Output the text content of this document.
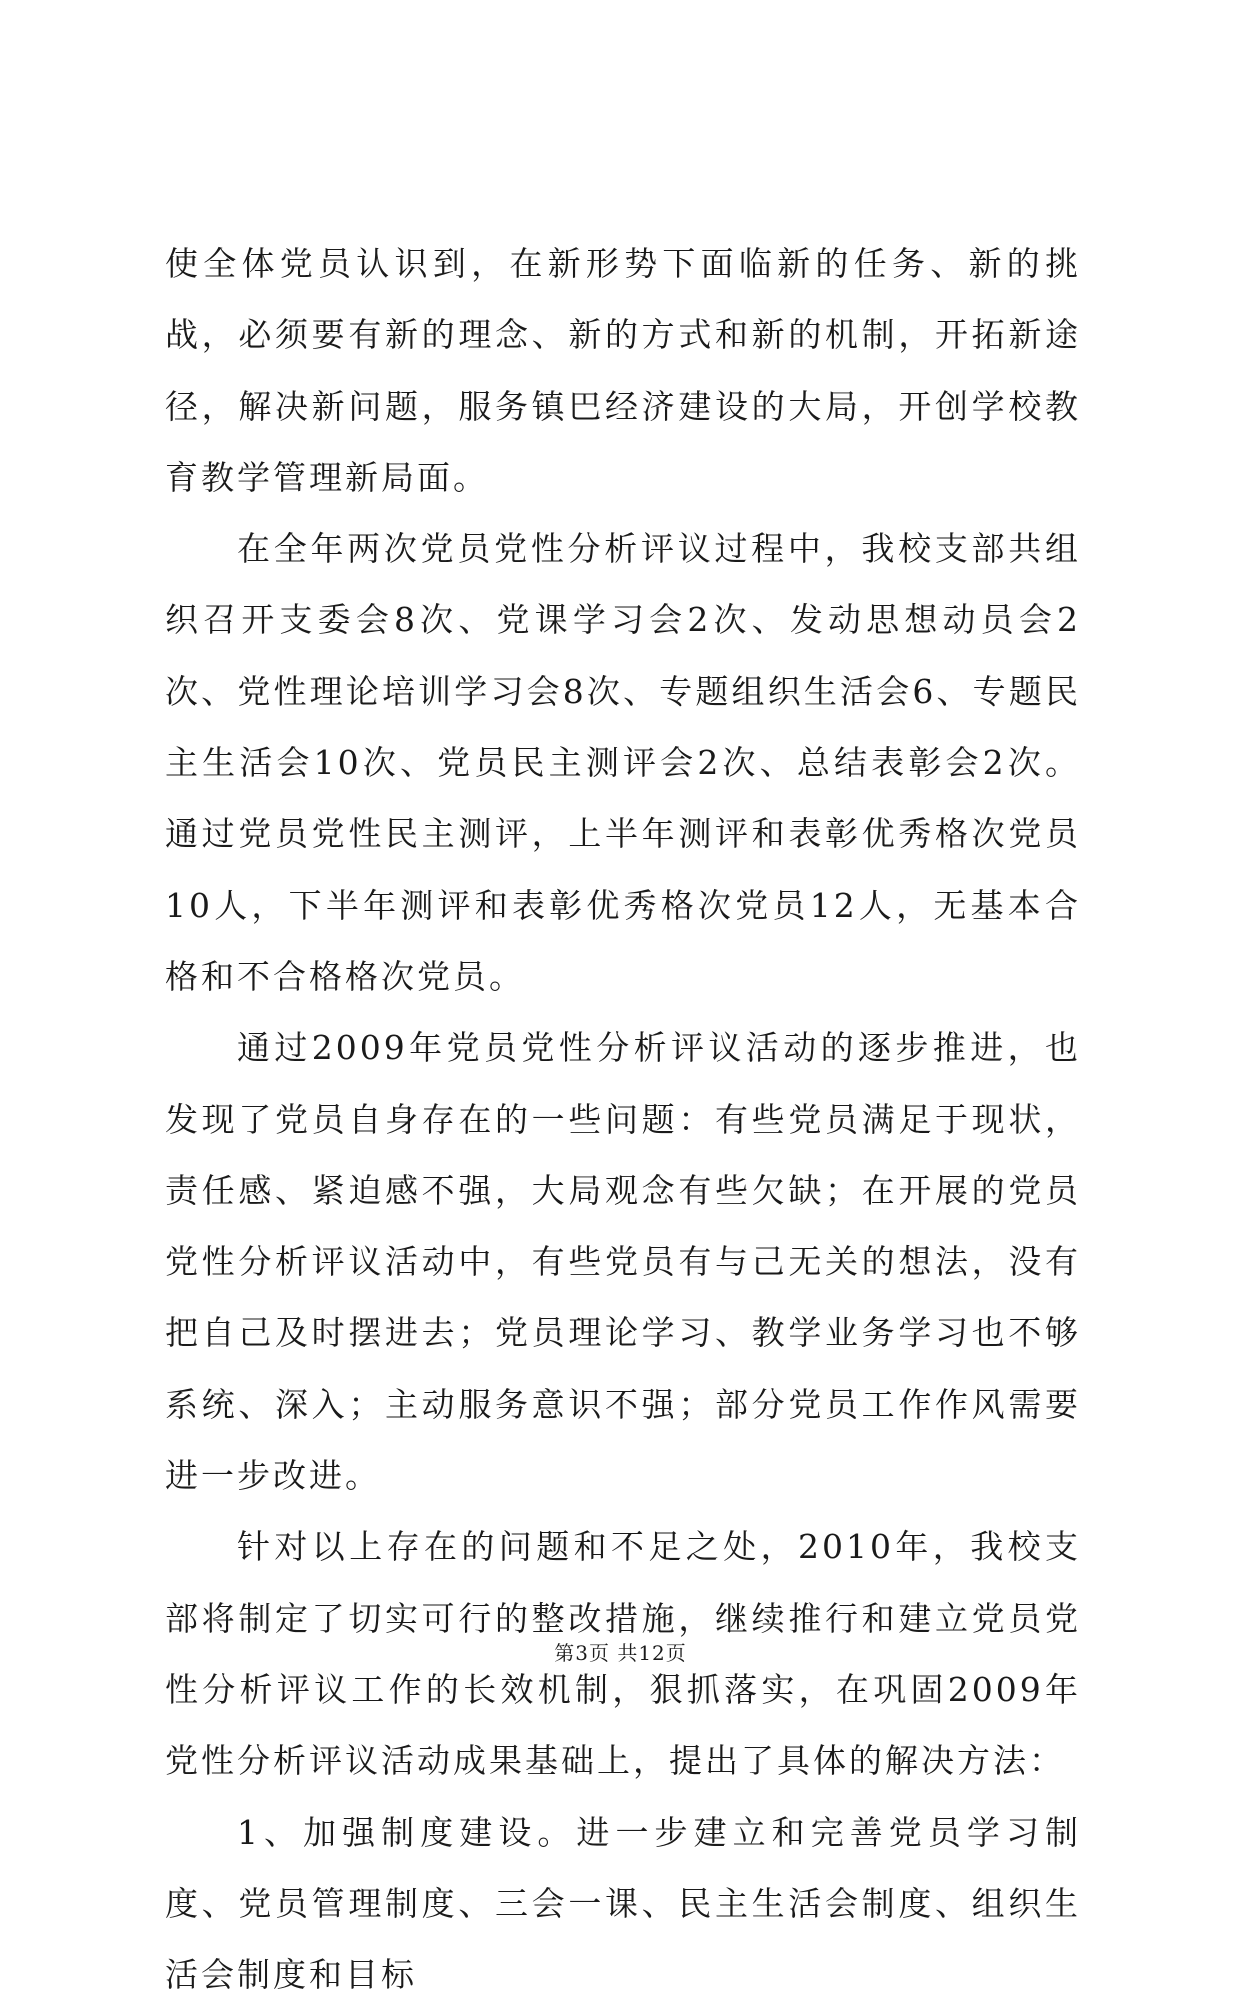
使全体党员认识到，在新形势下面临新的任务、新的挑战，必须要有新的理念、新的方式和新的机制，开拓新途径，解决新问题，服务镇巴经济建设的大局，开创学校教育教学管理新局面。

在全年两次党员党性分析评议过程中，我校支部共组织召开支委会8次、党课学习会2次、发动思想动员会2次、党性理论培训学习会8次、专题组织生活会6、专题民主生活会10次、党员民主测评会2次、总结表彰会2次。通过党员党性民主测评，上半年测评和表彰优秀格次党员10人，下半年测评和表彰优秀格次党员12人，无基本合格和不合格格次党员。

通过2009年党员党性分析评议活动的逐步推进，也发现了党员自身存在的一些问题：有些党员满足于现状，责任感、紧迫感不强，大局观念有些欠缺；在开展的党员党性分析评议活动中，有些党员有与己无关的想法，没有把自己及时摆进去；党员理论学习、教学业务学习也不够系统、深入；主动服务意识不强；部分党员工作作风需要进一步改进。

针对以上存在的问题和不足之处，2010年，我校支部将制定了切实可行的整改措施，继续推行和建立党员党性分析评议工作的长效机制，狠抓落实，在巩固2009年党性分析评议活动成果基础上，提出了具体的解决方法：

1、加强制度建设。进一步建立和完善党员学习制度、党员管理制度、三会一课、民主生活会制度、组织生活会制度和目标

第3页 共12页
